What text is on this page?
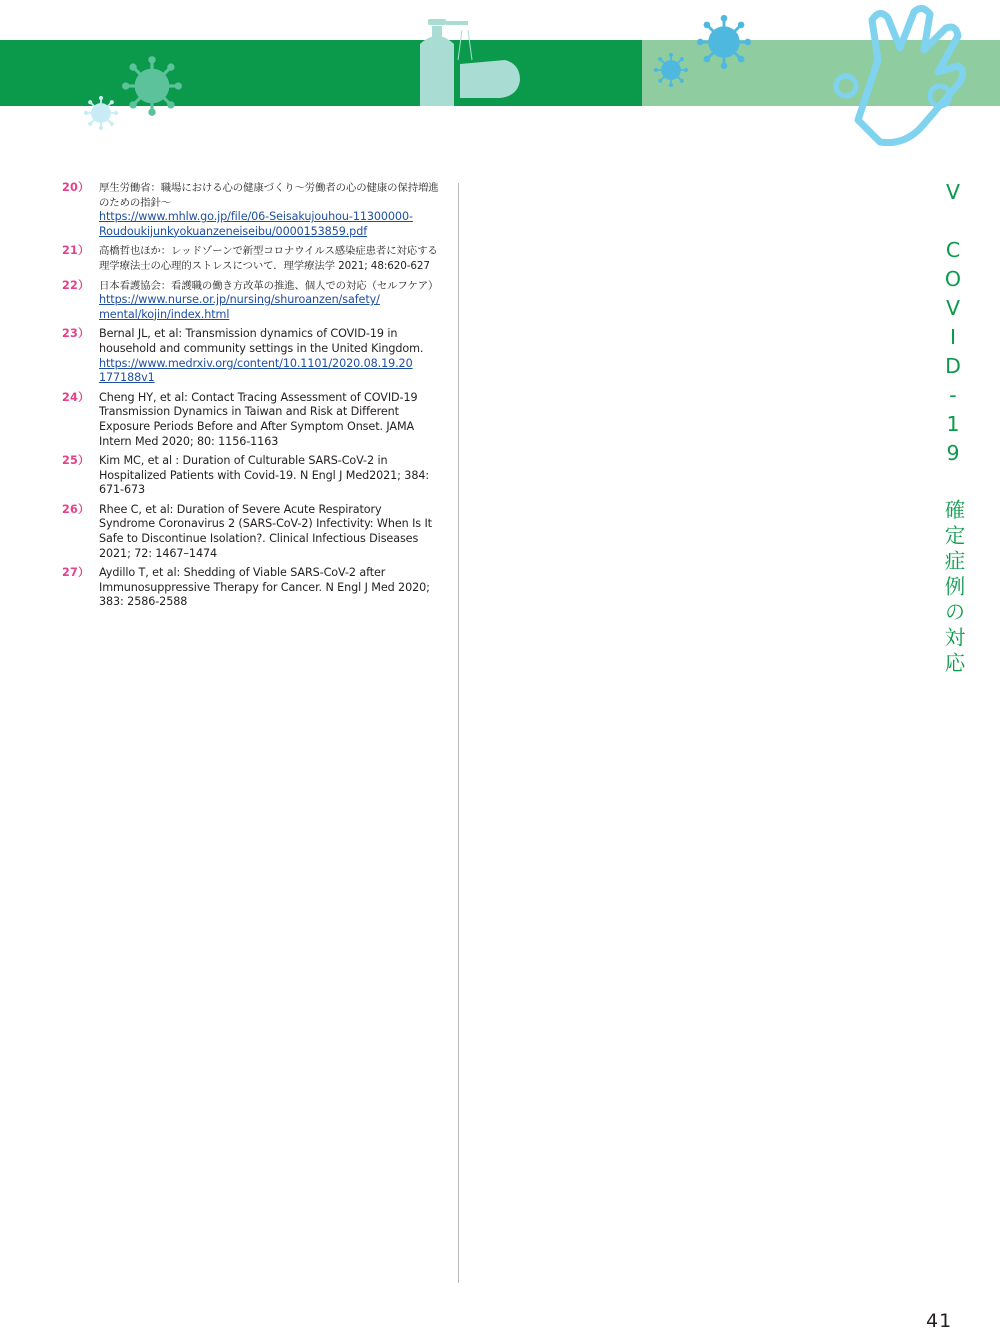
20） 厚生労働省：職場における心の健康づくり～労働者の心の健康の保持増進のための指針～
https://www.mhlw.go.jp/file/06-Seisakujouhou-11300000-
Roudoukijunkyokuanzeneiseibu/0000153859.pdf
21） 高橋哲也ほか：レッドゾーンで新型コロナウイルス感染症患者に対応する理学療法士の心理的ストレスについて．理学療法学 2021; 48:620-627
22） 日本看護協会：看護職の働き方改革の推進、個人での対応（セルフケア）
https://www.nurse.or.jp/nursing/shuroanzen/safety/
mental/kojin/index.html
23） Bernal JL, et al: Transmission dynamics of COVID-19 in household and community settings in the United Kingdom.
https://www.medrxiv.org/content/10.1101/2020.08.19.20
177188v1
24） Cheng HY, et al: Contact Tracing Assessment of COVID-19 Transmission Dynamics in Taiwan and Risk at Different Exposure Periods Before and After Symptom Onset. JAMA Intern Med 2020; 80: 1156-1163
25） Kim MC, et al : Duration of Culturable SARS-CoV-2 in Hospitalized Patients with Covid-19. N Engl J Med2021; 384: 671-673
26） Rhee C, et al: Duration of Severe Acute Respiratory Syndrome Coronavirus 2 (SARS-CoV-2) Infectivity: When Is It Safe to Discontinue Isolation?. Clinical Infectious Diseases 2021; 72: 1467–1474
27） Aydillo T, et al: Shedding of Viable SARS-CoV-2 after Immunosuppressive Therapy for Cancer. N Engl J Med 2020; 383: 2586-2588	Ⅴ COVID-19 確定症例の対応
41
